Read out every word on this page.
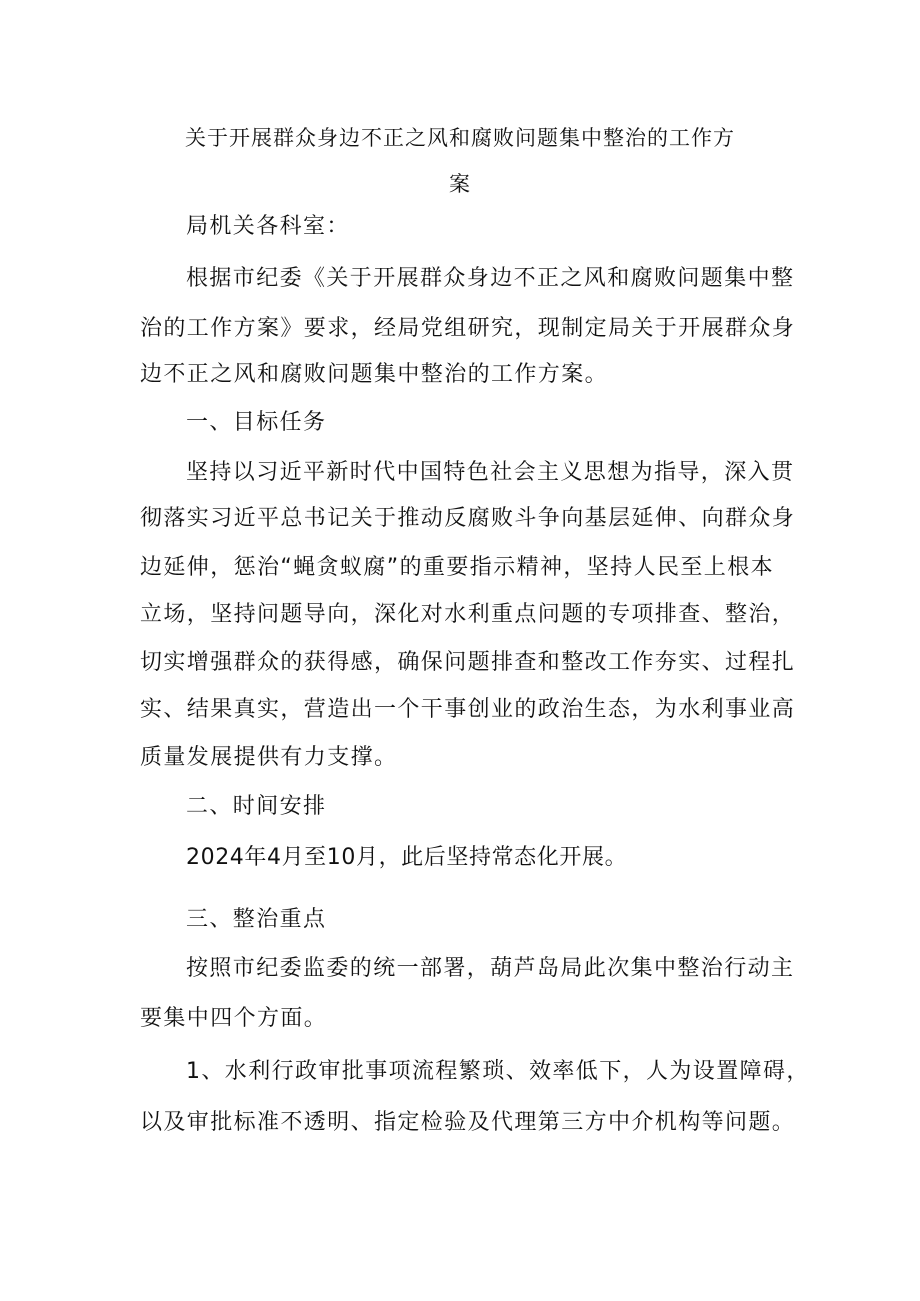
关于开展群众身边不正之风和腐败问题集中整治的工作方
案
局机关各科室：
根据市纪委《关于开展群众身边不正之风和腐败问题集中整
治的工作方案》要求，经局党组研究，现制定局关于开展群众身
边不正之风和腐败问题集中整治的工作方案。
一、目标任务
坚持以习近平新时代中国特色社会主义思想为指导，深入贯
彻落实习近平总书记关于推动反腐败斗争向基层延伸、向群众身
边延伸，惩治“蝇贪蚁腐”的重要指示精神，坚持人民至上根本
立场，坚持问题导向，深化对水利重点问题的专项排查、整治，
切实增强群众的获得感，确保问题排查和整改工作夯实、过程扎
实、结果真实，营造出一个干事创业的政治生态，为水利事业高
质量发展提供有力支撑。
二、时间安排
2024年4月至10月，此后坚持常态化开展。
三、整治重点
按照市纪委监委的统一部署，葫芦岛局此次集中整治行动主
要集中四个方面。
1、水利行政审批事项流程繁琐、效率低下，人为设置障碍，
以及审批标准不透明、指定检验及代理第三方中介机构等问题。
